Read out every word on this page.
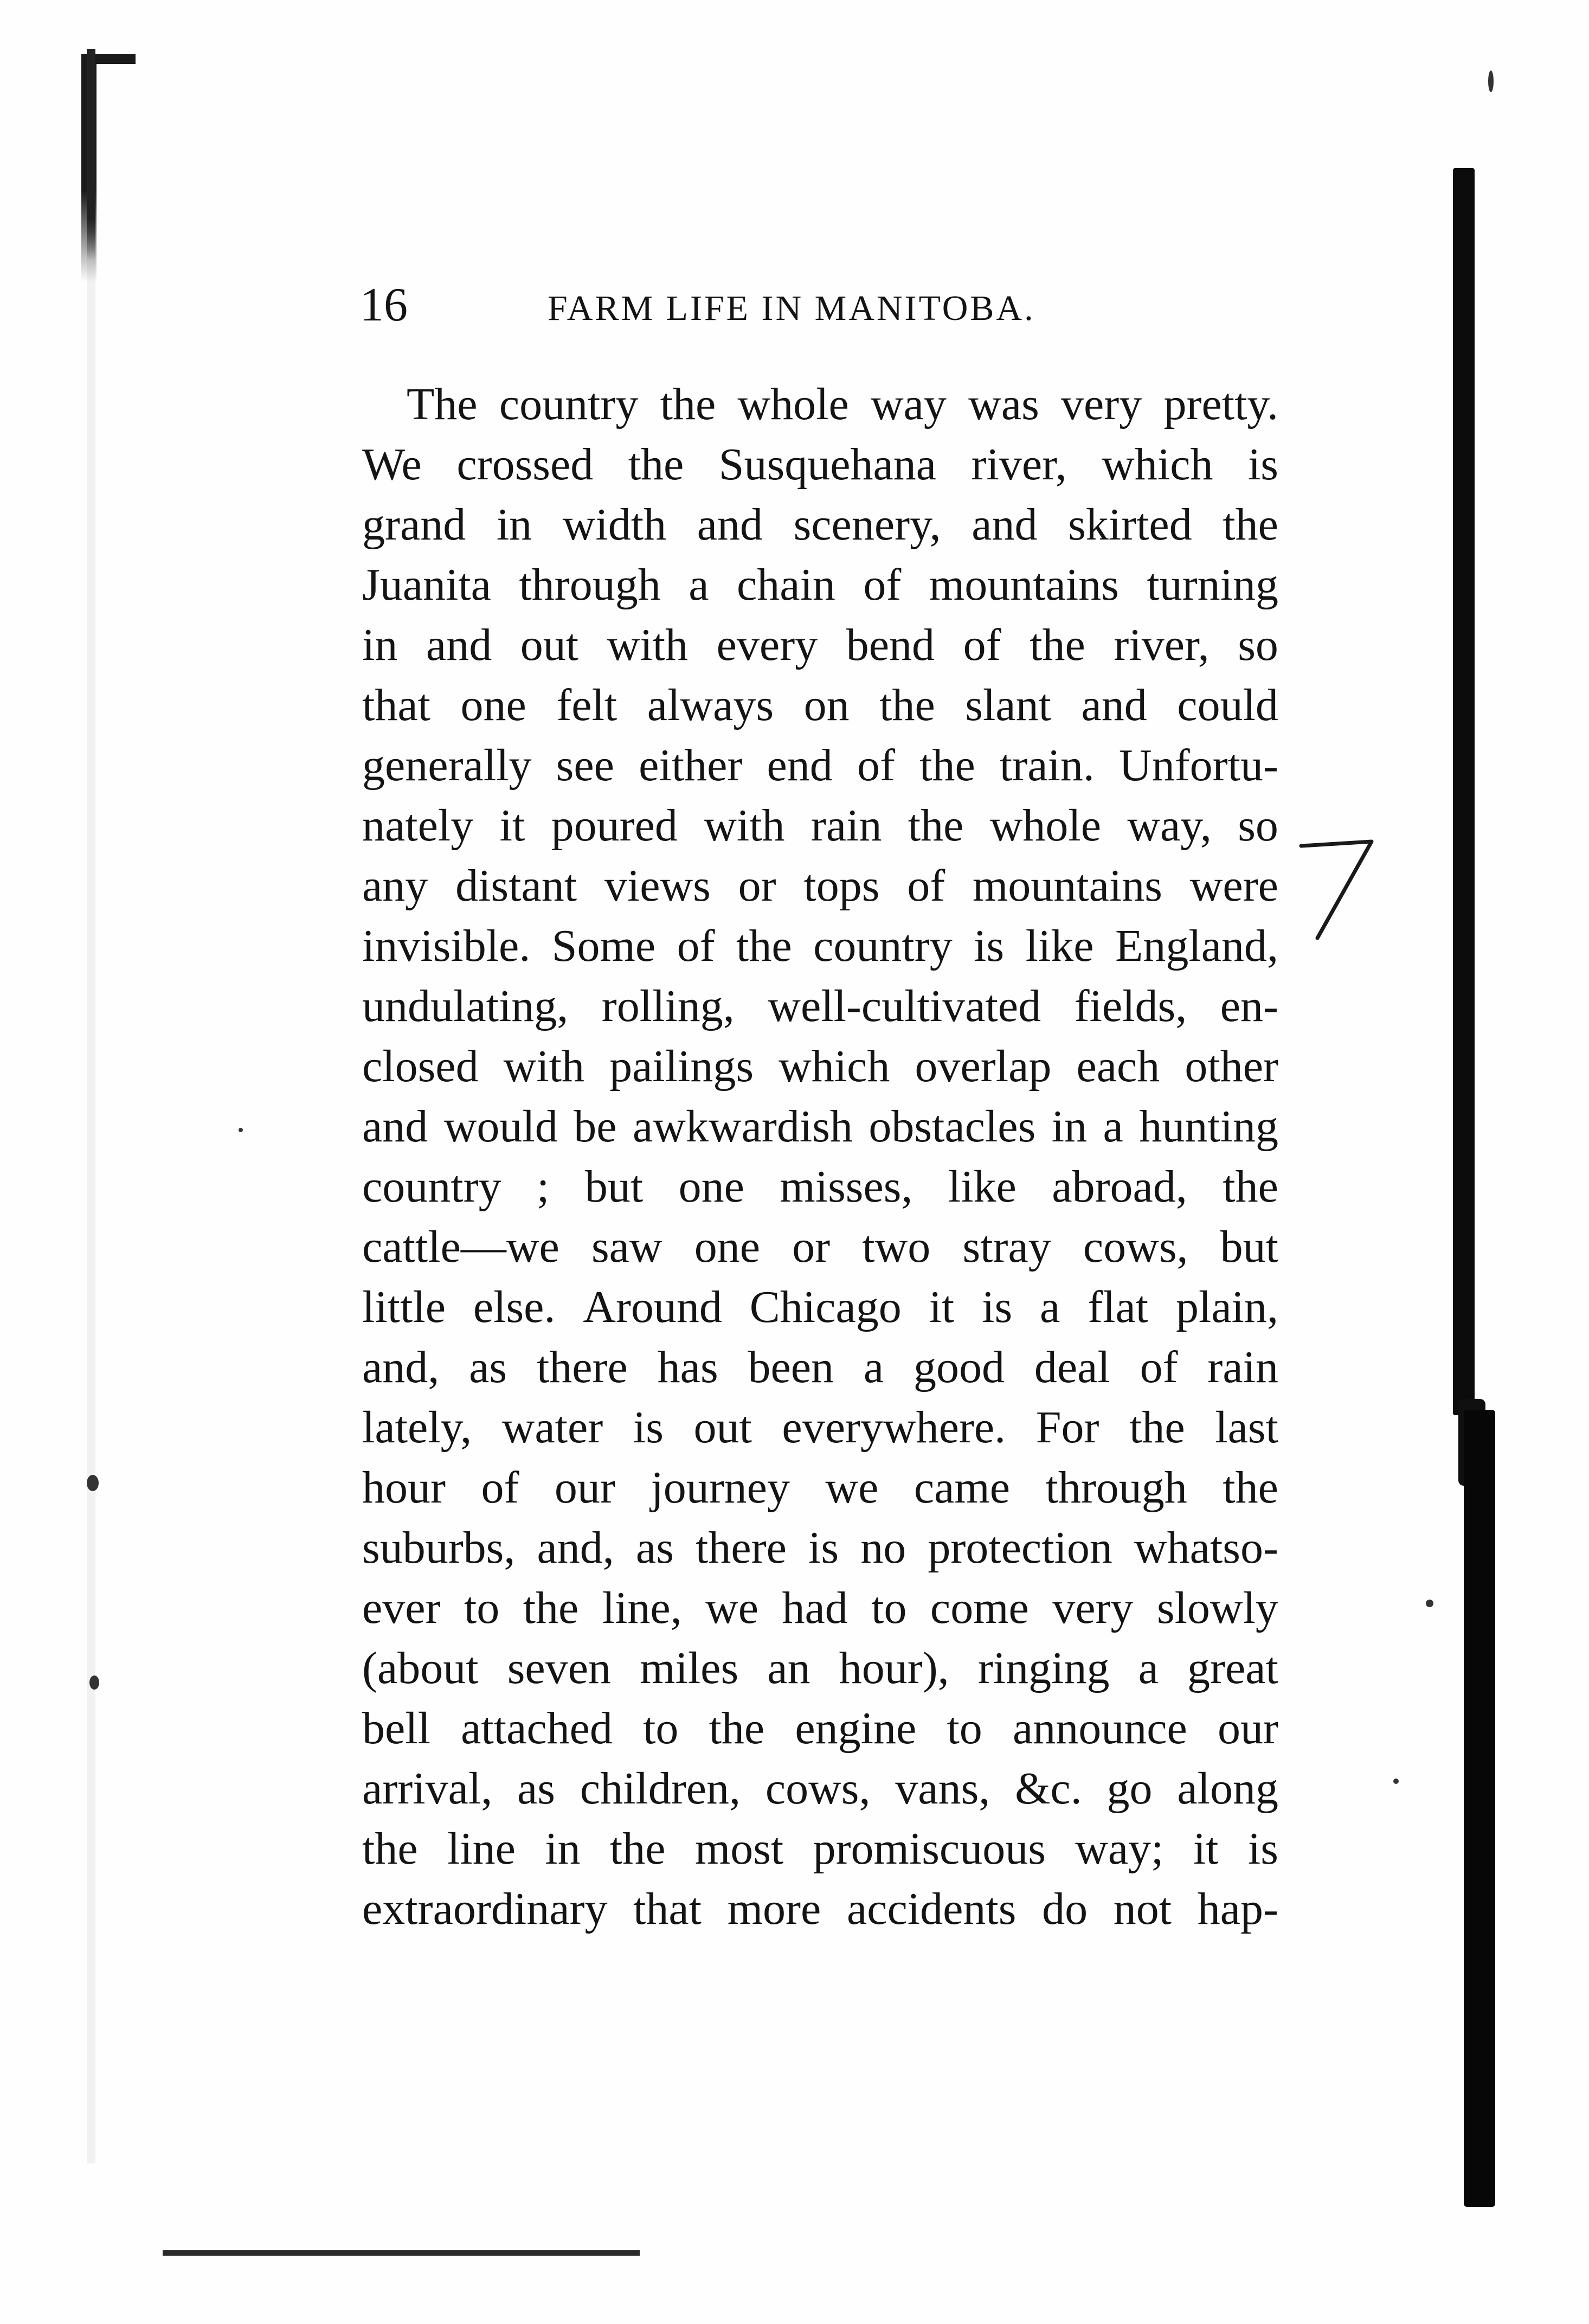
16	FARM LIFE IN MANITOBA.
The country the whole way was very pretty.
We crossed the Susquehana river, which is
grand in width and scenery, and skirted the
Juanita through a chain of mountains turning
in and out with every bend of the river, so
that one felt always on the slant and could
generally see either end of the train. Unfortu-
nately it poured with rain the whole way, so
any distant views or tops of mountains were
invisible. Some of the country is like England,
undulating, rolling, well-cultivated fields, en-
closed with pailings which overlap each other
and would be awkwardish obstacles in a hunting
country ; but one misses, like abroad, the
cattle—we saw one or two stray cows, but
little else. Around Chicago it is a flat plain,
and, as there has been a good deal of rain
lately, water is out everywhere. For the last
hour of our journey we came through the
suburbs, and, as there is no protection whatso-
ever to the line, we had to come very slowly
(about seven miles an hour), ringing a great
bell attached to the engine to announce our
arrival, as children, cows, vans, &c. go along
the line in the most promiscuous way; it is
extraordinary that more accidents do not hap-
